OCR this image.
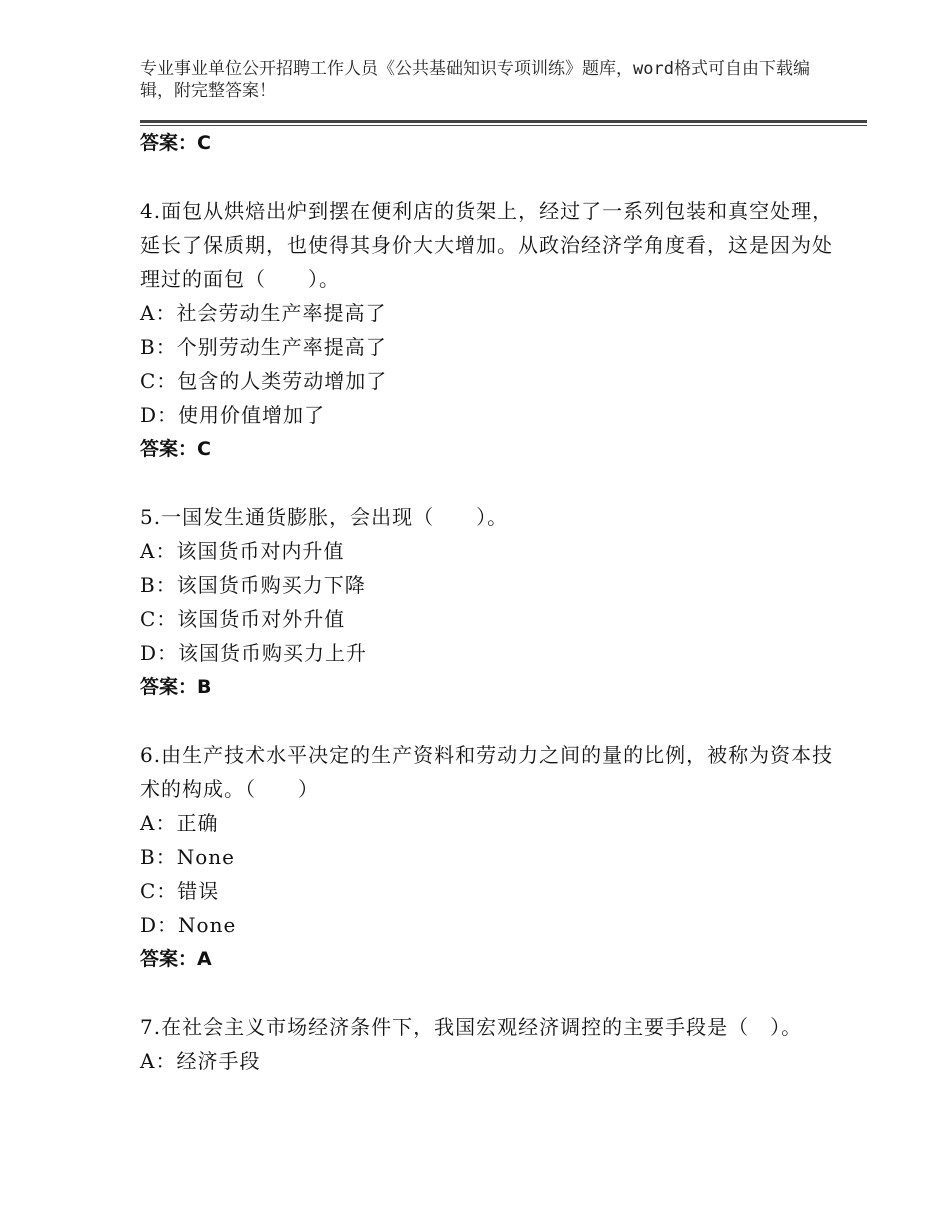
专业事业单位公开招聘工作人员《公共基础知识专项训练》题库，word格式可自由下载编辑，附完整答案！
答案：C
4.面包从烘焙出炉到摆在便利店的货架上，经过了一系列包装和真空处理，延长了保质期，也使得其身价大大增加。从政治经济学角度看，这是因为处理过的面包（　　）。
A：社会劳动生产率提高了
B：个别劳动生产率提高了
C：包含的人类劳动增加了
D：使用价值增加了
答案：C
5.一国发生通货膨胀，会出现（　　）。
A：该国货币对内升值
B：该国货币购买力下降
C：该国货币对外升值
D：该国货币购买力上升
答案：B
6.由生产技术水平决定的生产资料和劳动力之间的量的比例，被称为资本技术的构成。（　　）
A：正确
B：None
C：错误
D：None
答案：A
7.在社会主义市场经济条件下，我国宏观经济调控的主要手段是（　）。
A：经济手段
